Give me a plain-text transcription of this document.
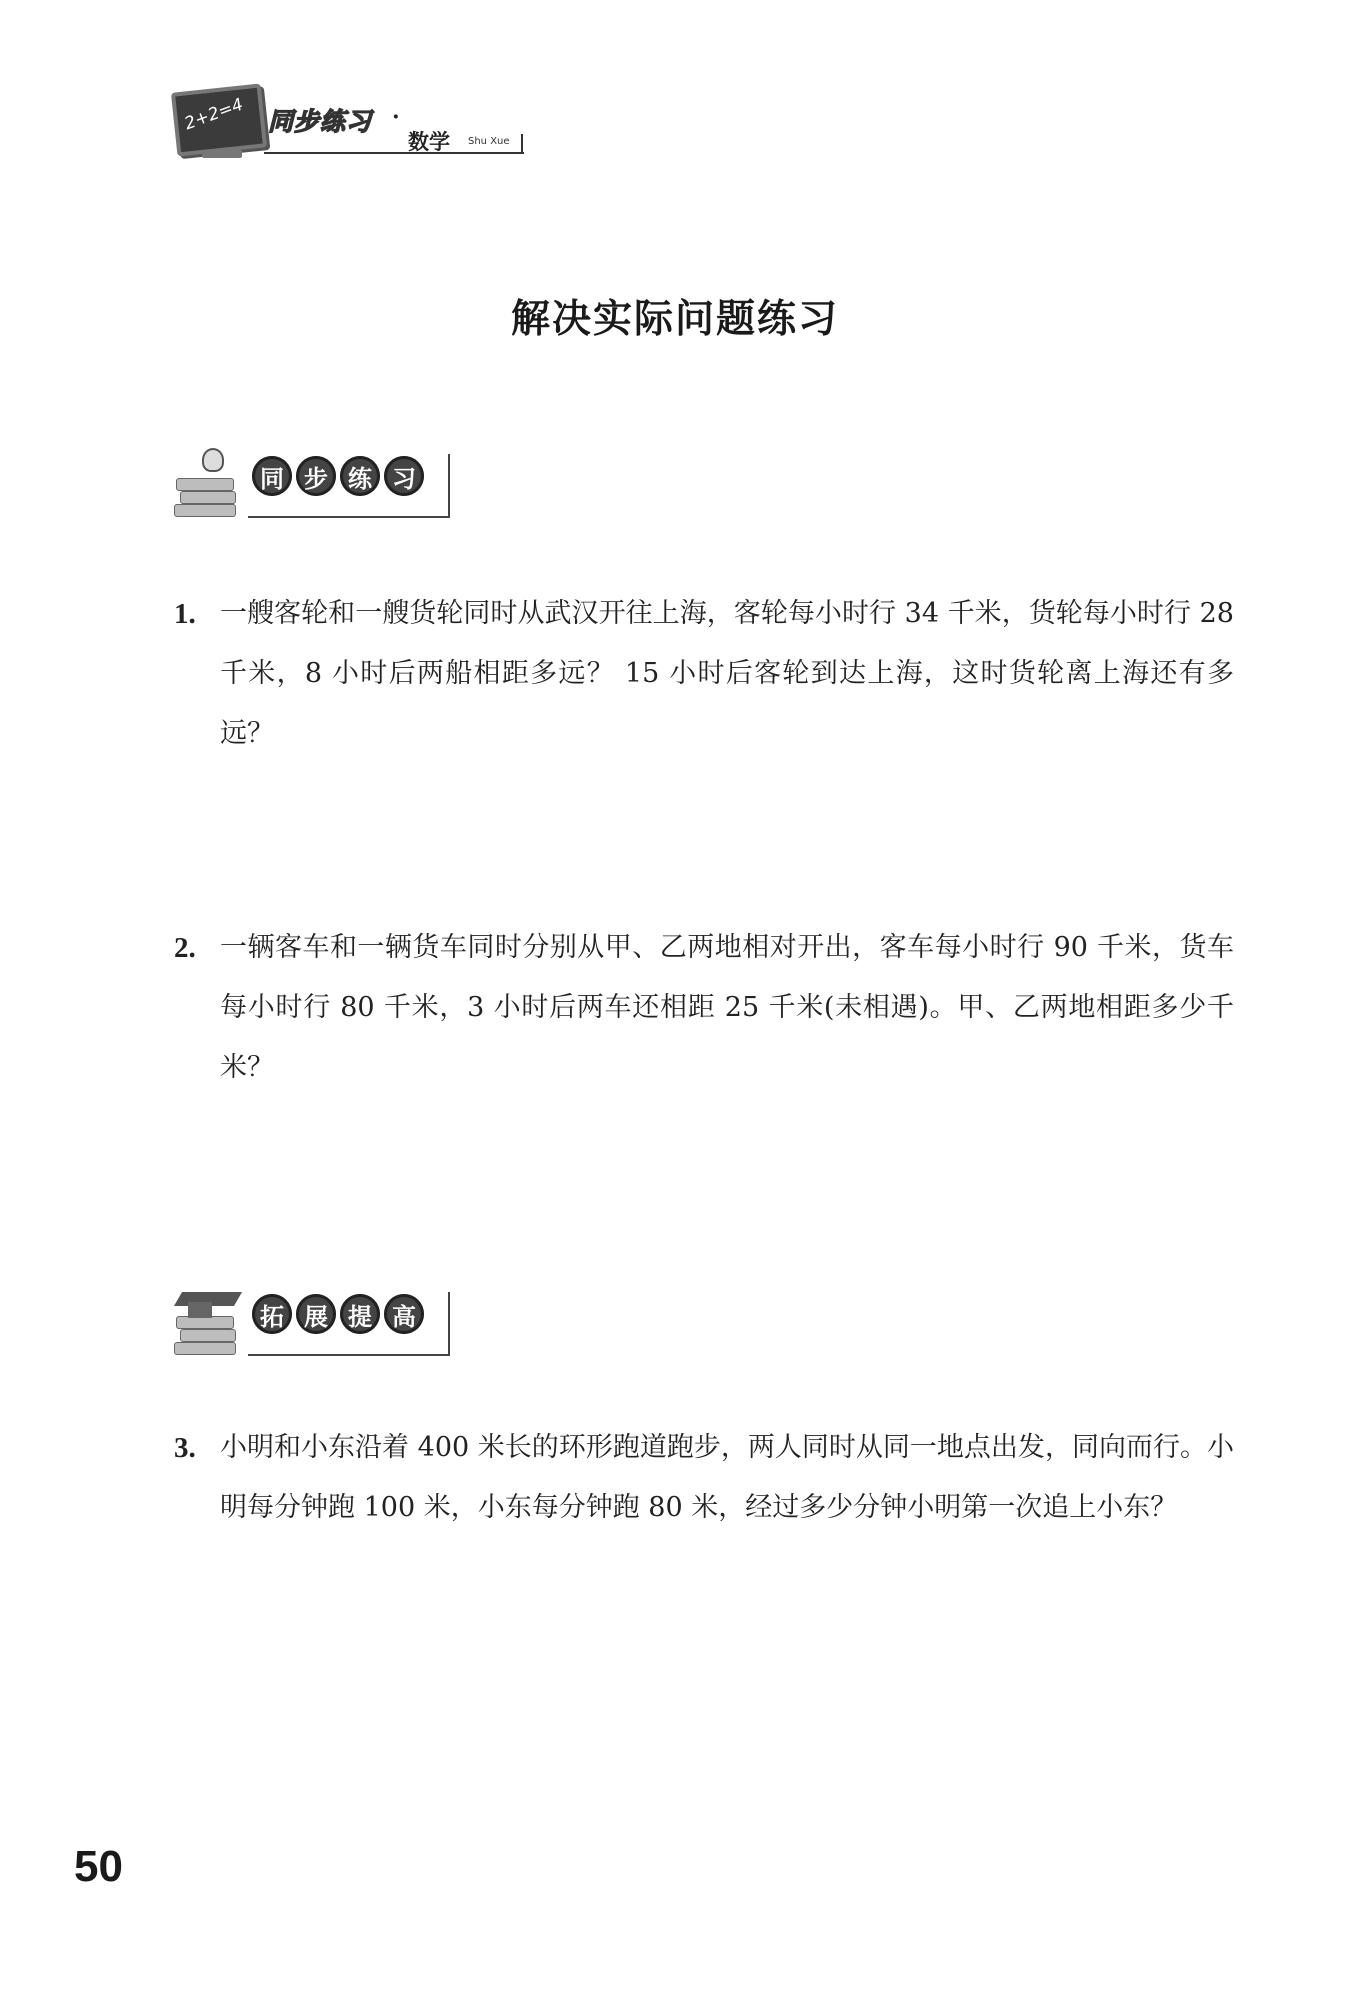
2+2=4 同步练习 ·
数学 Shu Xue
解决实际问题练习
同 步 练 习
1. 一艘客轮和一艘货轮同时从武汉开往上海，客轮每小时行 34 千米，货轮每小时行 28 千米，8 小时后两船相距多远？ 15 小时后客轮到达上海，这时货轮离上海还有多远？
2. 一辆客车和一辆货车同时分别从甲、乙两地相对开出，客车每小时行 90 千米，货车每小时行 80 千米，3 小时后两车还相距 25 千米(未相遇)。甲、乙两地相距多少千米？
拓 展 提 高
3. 小明和小东沿着 400 米长的环形跑道跑步，两人同时从同一地点出发，同向而行。小明每分钟跑 100 米，小东每分钟跑 80 米，经过多少分钟小明第一次追上小东？
50
